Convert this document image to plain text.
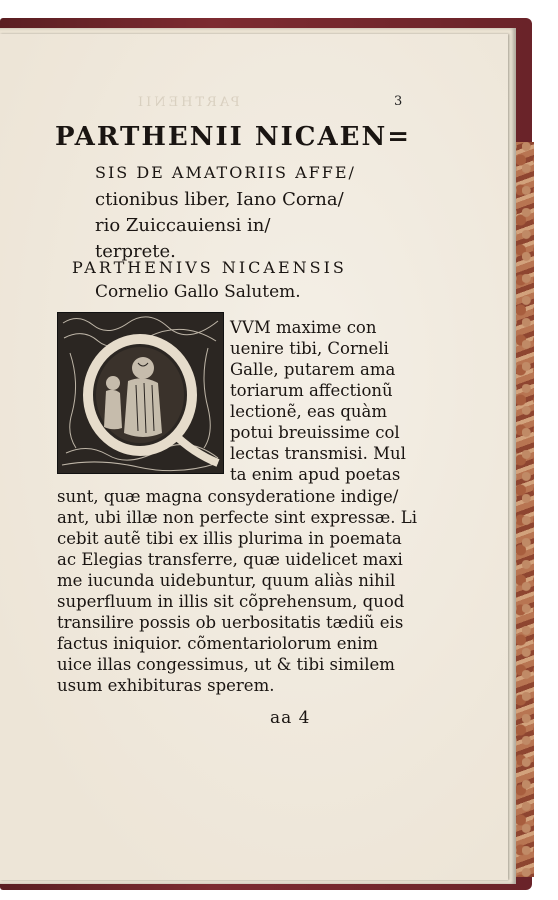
PARTHENII	3
PARTHENII NICAEN=
SIS DE AMATORIIS AFFE/
ctionibus liber, Iano Corna/
rio Zuiccauiensi in/
terprete.
PARTHENIVS NICAENSIS
Cornelio Gallo Salutem.
VVM maxime con
uenire tibi, Corneli
Galle, putarem ama
toriarum affectionũ
lectionẽ, eas quàm
potui breuissime col
lectas transmisi. Mul
ta enim apud poetas
sunt, quæ magna consyderatione indige/
ant, ubi illæ non perfecte sint expressæ. Li
cebit autẽ tibi ex illis plurima in poemata
ac Elegias transferre, quæ uidelicet maxi
me iucunda uidebuntur, quum aliàs nihil
superfluum in illis sit cõprehensum, quod
transilire possis ob uerbositatis tædiũ eis
factus iniquior. cõmentariolorum enim
uice illas congessimus, ut & tibi similem
usum exhibituras sperem.
aa 4
